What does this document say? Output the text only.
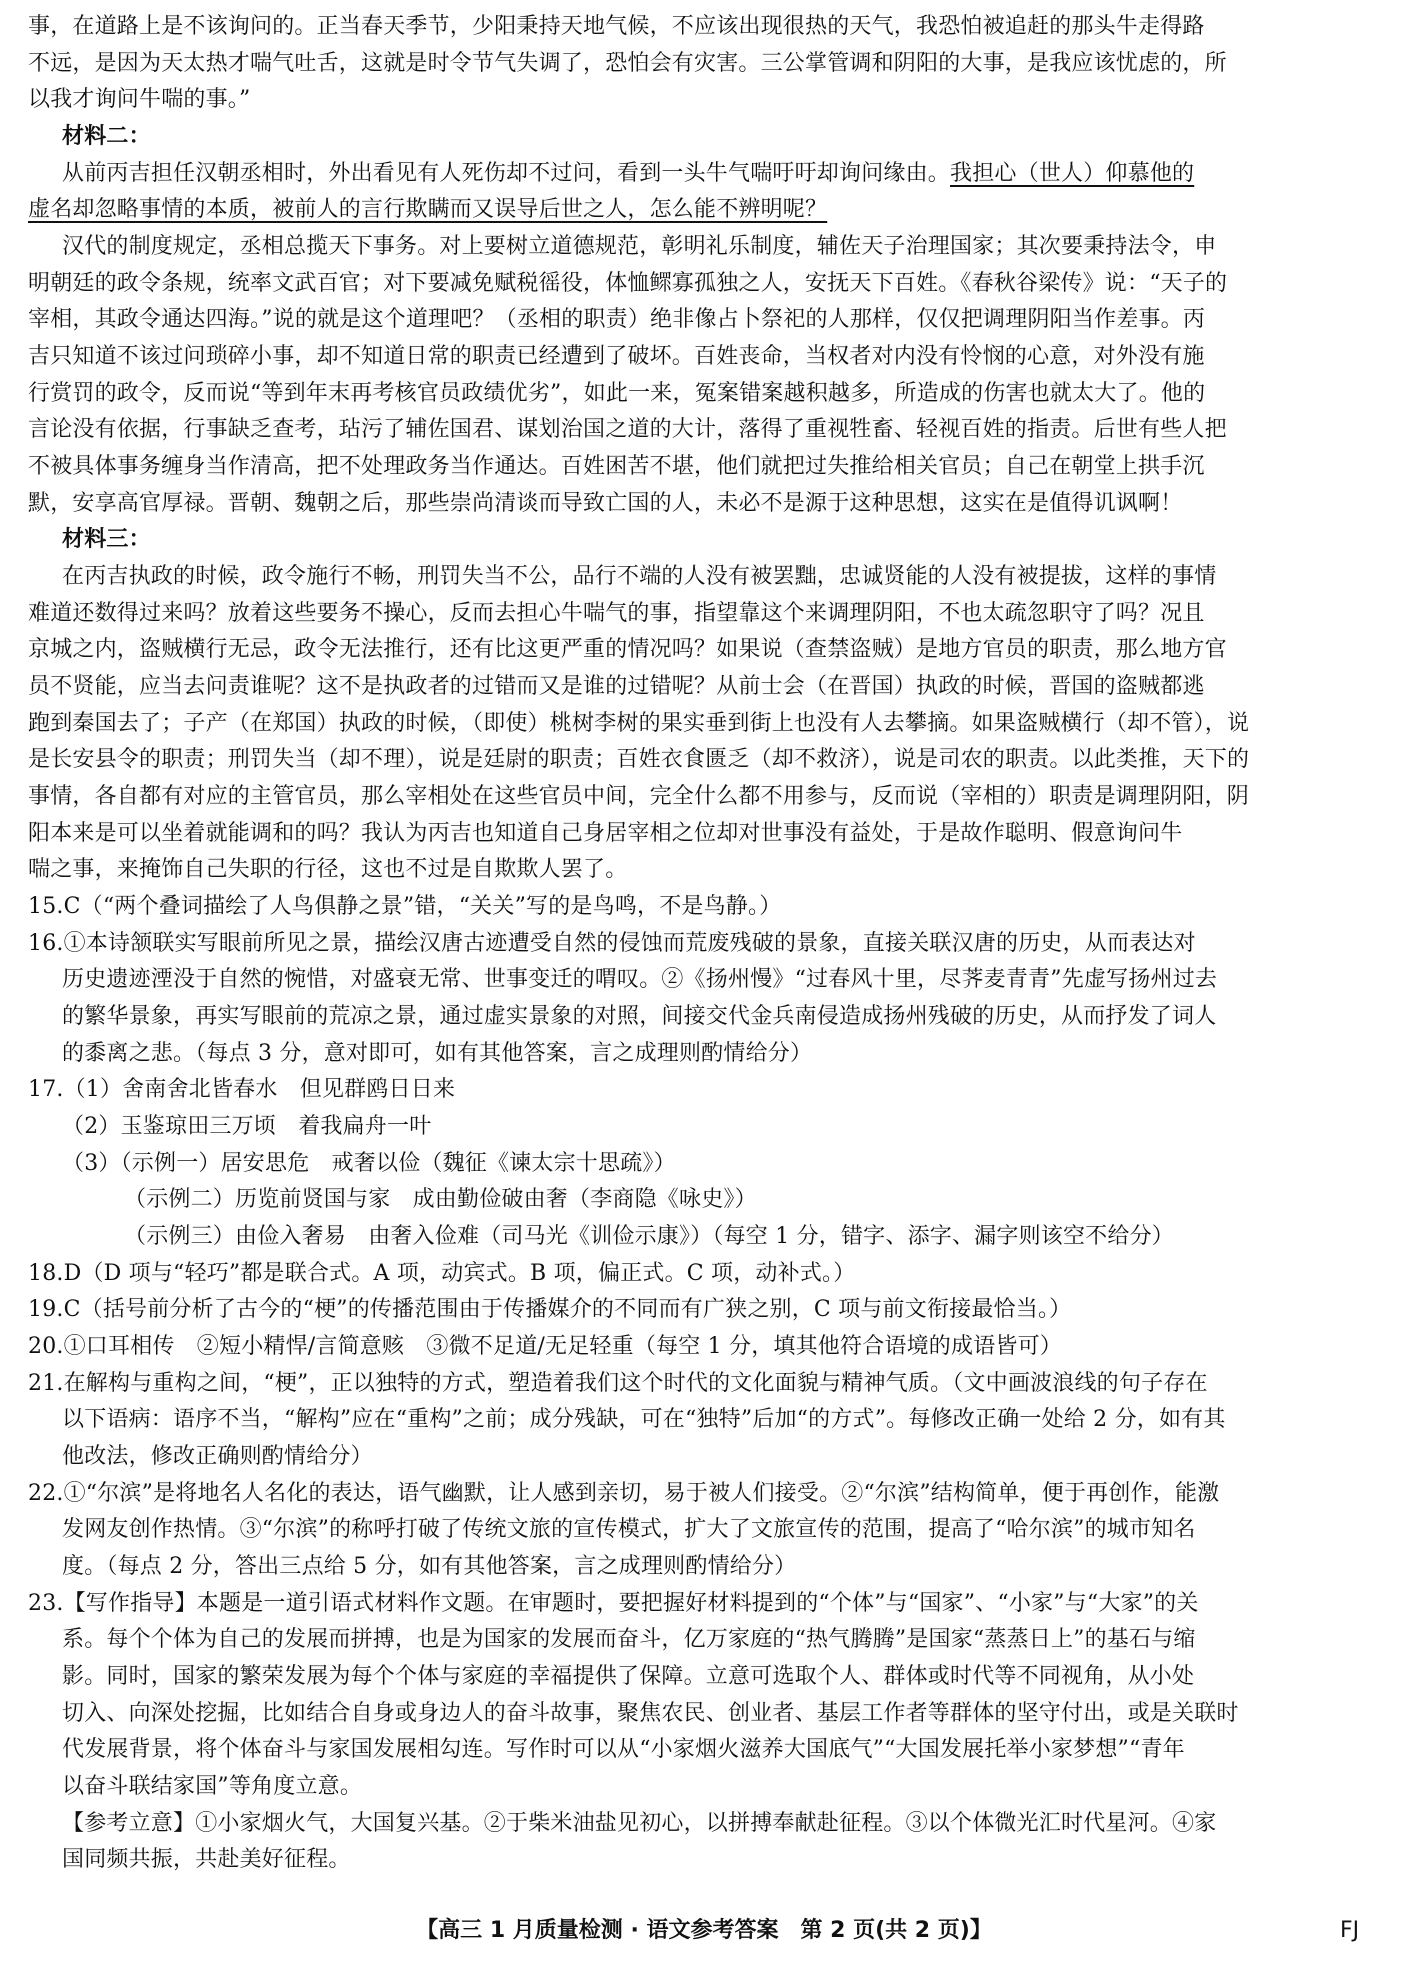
事，在道路上是不该询问的。正当春天季节，少阳秉持天地气候，不应该出现很热的天气，我恐怕被追赶的那头牛走得路
不远，是因为天太热才喘气吐舌，这就是时令节气失调了，恐怕会有灾害。三公掌管调和阴阳的大事，是我应该忧虑的，所
以我才询问牛喘的事。”
材料二：
从前丙吉担任汉朝丞相时，外出看见有人死伤却不过问，看到一头牛气喘吁吁却询问缘由。我担心（世人）仰慕他的
虚名却忽略事情的本质，被前人的言行欺瞒而又误导后世之人，怎么能不辨明呢？
汉代的制度规定，丞相总揽天下事务。对上要树立道德规范，彰明礼乐制度，辅佐天子治理国家；其次要秉持法令，申
明朝廷的政令条规，统率文武百官；对下要减免赋税徭役，体恤鳏寡孤独之人，安抚天下百姓。《春秋谷梁传》说：“天子的
宰相，其政令通达四海。”说的就是这个道理吧？（丞相的职责）绝非像占卜祭祀的人那样，仅仅把调理阴阳当作差事。丙
吉只知道不该过问琐碎小事，却不知道日常的职责已经遭到了破坏。百姓丧命，当权者对内没有怜悯的心意，对外没有施
行赏罚的政令，反而说“等到年末再考核官员政绩优劣”，如此一来，冤案错案越积越多，所造成的伤害也就太大了。他的
言论没有依据，行事缺乏查考，玷污了辅佐国君、谋划治国之道的大计，落得了重视牲畜、轻视百姓的指责。后世有些人把
不被具体事务缠身当作清高，把不处理政务当作通达。百姓困苦不堪，他们就把过失推给相关官员；自己在朝堂上拱手沉
默，安享高官厚禄。晋朝、魏朝之后，那些崇尚清谈而导致亡国的人，未必不是源于这种思想，这实在是值得讥讽啊！
材料三：
在丙吉执政的时候，政令施行不畅，刑罚失当不公，品行不端的人没有被罢黜，忠诚贤能的人没有被提拔，这样的事情
难道还数得过来吗？放着这些要务不操心，反而去担心牛喘气的事，指望靠这个来调理阴阳，不也太疏忽职守了吗？况且
京城之内，盗贼横行无忌，政令无法推行，还有比这更严重的情况吗？如果说（查禁盗贼）是地方官员的职责，那么地方官
员不贤能，应当去问责谁呢？这不是执政者的过错而又是谁的过错呢？从前士会（在晋国）执政的时候，晋国的盗贼都逃
跑到秦国去了；子产（在郑国）执政的时候，（即使）桃树李树的果实垂到街上也没有人去攀摘。如果盗贼横行（却不管），说
是长安县令的职责；刑罚失当（却不理），说是廷尉的职责；百姓衣食匮乏（却不救济），说是司农的职责。以此类推，天下的
事情，各自都有对应的主管官员，那么宰相处在这些官员中间，完全什么都不用参与，反而说（宰相的）职责是调理阴阳，阴
阳本来是可以坐着就能调和的吗？我认为丙吉也知道自己身居宰相之位却对世事没有益处，于是故作聪明、假意询问牛
喘之事，来掩饰自己失职的行径，这也不过是自欺欺人罢了。
15.C（“两个叠词描绘了人鸟俱静之景”错，“关关”写的是鸟鸣，不是鸟静。）
16.①本诗颔联实写眼前所见之景，描绘汉唐古迹遭受自然的侵蚀而荒废残破的景象，直接关联汉唐的历史，从而表达对
历史遗迹湮没于自然的惋惜，对盛衰无常、世事变迁的喟叹。②《扬州慢》“过春风十里，尽荠麦青青”先虚写扬州过去
的繁华景象，再实写眼前的荒凉之景，通过虚实景象的对照，间接交代金兵南侵造成扬州残破的历史，从而抒发了词人
的黍离之悲。（每点 3 分，意对即可，如有其他答案，言之成理则酌情给分）
17.（1）舍南舍北皆春水　但见群鸥日日来
（2）玉鉴琼田三万顷　着我扁舟一叶
（3）（示例一）居安思危　戒奢以俭（魏征《谏太宗十思疏》）
（示例二）历览前贤国与家　成由勤俭破由奢（李商隐《咏史》）
（示例三）由俭入奢易　由奢入俭难（司马光《训俭示康》）（每空 1 分，错字、添字、漏字则该空不给分）
18.D（D 项与“轻巧”都是联合式。A 项，动宾式。B 项，偏正式。C 项，动补式。）
19.C（括号前分析了古今的“梗”的传播范围由于传播媒介的不同而有广狭之别，C 项与前文衔接最恰当。）
20.①口耳相传　②短小精悍/言简意赅　③微不足道/无足轻重（每空 1 分，填其他符合语境的成语皆可）
21.在解构与重构之间，“梗”，正以独特的方式，塑造着我们这个时代的文化面貌与精神气质。（文中画波浪线的句子存在
以下语病：语序不当，“解构”应在“重构”之前；成分残缺，可在“独特”后加“的方式”。每修改正确一处给 2 分，如有其
他改法，修改正确则酌情给分）
22.①“尔滨”是将地名人名化的表达，语气幽默，让人感到亲切，易于被人们接受。②“尔滨”结构简单，便于再创作，能激
发网友创作热情。③“尔滨”的称呼打破了传统文旅的宣传模式，扩大了文旅宣传的范围，提高了“哈尔滨”的城市知名
度。（每点 2 分，答出三点给 5 分，如有其他答案，言之成理则酌情给分）
23.【写作指导】本题是一道引语式材料作文题。在审题时，要把握好材料提到的“个体”与“国家”、“小家”与“大家”的关
系。每个个体为自己的发展而拼搏，也是为国家的发展而奋斗，亿万家庭的“热气腾腾”是国家“蒸蒸日上”的基石与缩
影。同时，国家的繁荣发展为每个个体与家庭的幸福提供了保障。立意可选取个人、群体或时代等不同视角，从小处
切入、向深处挖掘，比如结合自身或身边人的奋斗故事，聚焦农民、创业者、基层工作者等群体的坚守付出，或是关联时
代发展背景，将个体奋斗与家国发展相勾连。写作时可以从“小家烟火滋养大国底气”“大国发展托举小家梦想”“青年
以奋斗联结家国”等角度立意。
【参考立意】①小家烟火气，大国复兴基。②于柴米油盐见初心，以拼搏奉献赴征程。③以个体微光汇时代星河。④家
国同频共振，共赴美好征程。
【高三 1 月质量检测 · 语文参考答案　第 2 页(共 2 页)】	FJ
